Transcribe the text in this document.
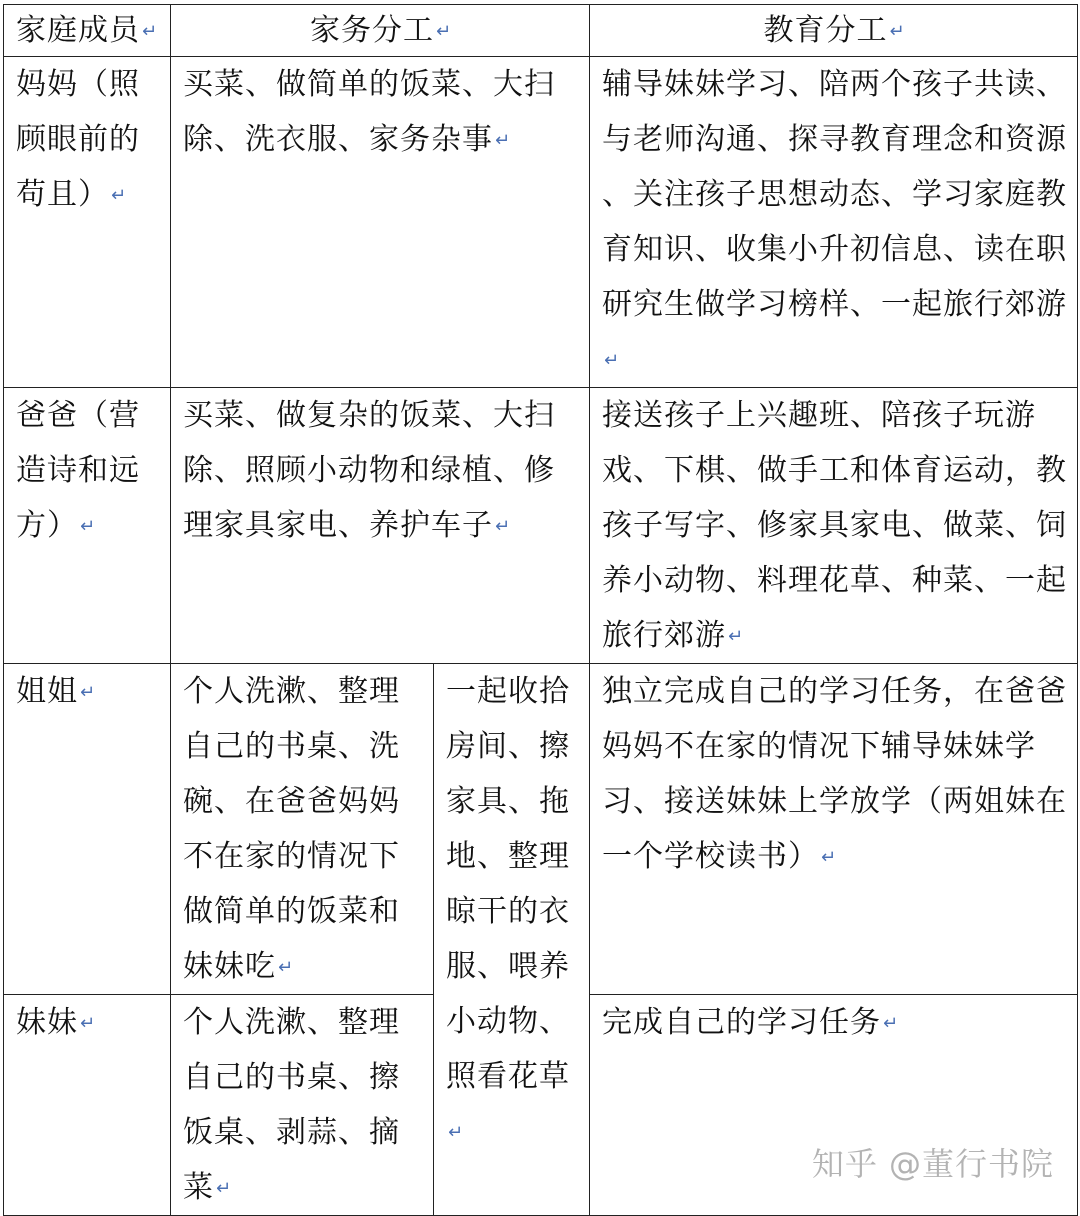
家庭成员 ↵	家务分工 ↵		教育分工 ↵
妈妈（照顾眼前的苟且） ↵	买菜、做简单的饭菜、大扫除、洗衣服、家务杂事 ↵		辅导妹妹学习、陪两个孩子共读、与老师沟通、探寻教育理念和资源 、关注孩子思想动态、学习家庭教育知识、收集小升初信息、读在职研究生做学习榜样、一起旅行郊游↵
爸爸（营造诗和远方） ↵	买菜、做复杂的饭菜、大扫除、照顾小动物和绿植、修理家具家电、养护车子 ↵		接送孩子上兴趣班、陪孩子玩游戏、下棋、做手工和体育运动，教孩子写字、修家具家电、做菜、饲养小动物、料理花草、种菜、一起旅行郊游 ↵
姐姐 ↵	个人洗漱、整理自己的书桌、洗碗、在爸爸妈妈不在家的情况下做简单的饭菜和妹妹吃 ↵	一起收拾房间、擦家具、拖地、整理晾干的衣服、喂养小动物、照看花草↵	独立完成自己的学习任务，在爸爸妈妈不在家的情况下辅导妹妹学习、接送妹妹上学放学（两姐妹在一个学校读书） ↵
妹妹 ↵	个人洗漱、整理自己的书桌、擦饭桌、剥蒜、摘菜 ↵		完成自己的学习任务 ↵
知乎 @董行书院
